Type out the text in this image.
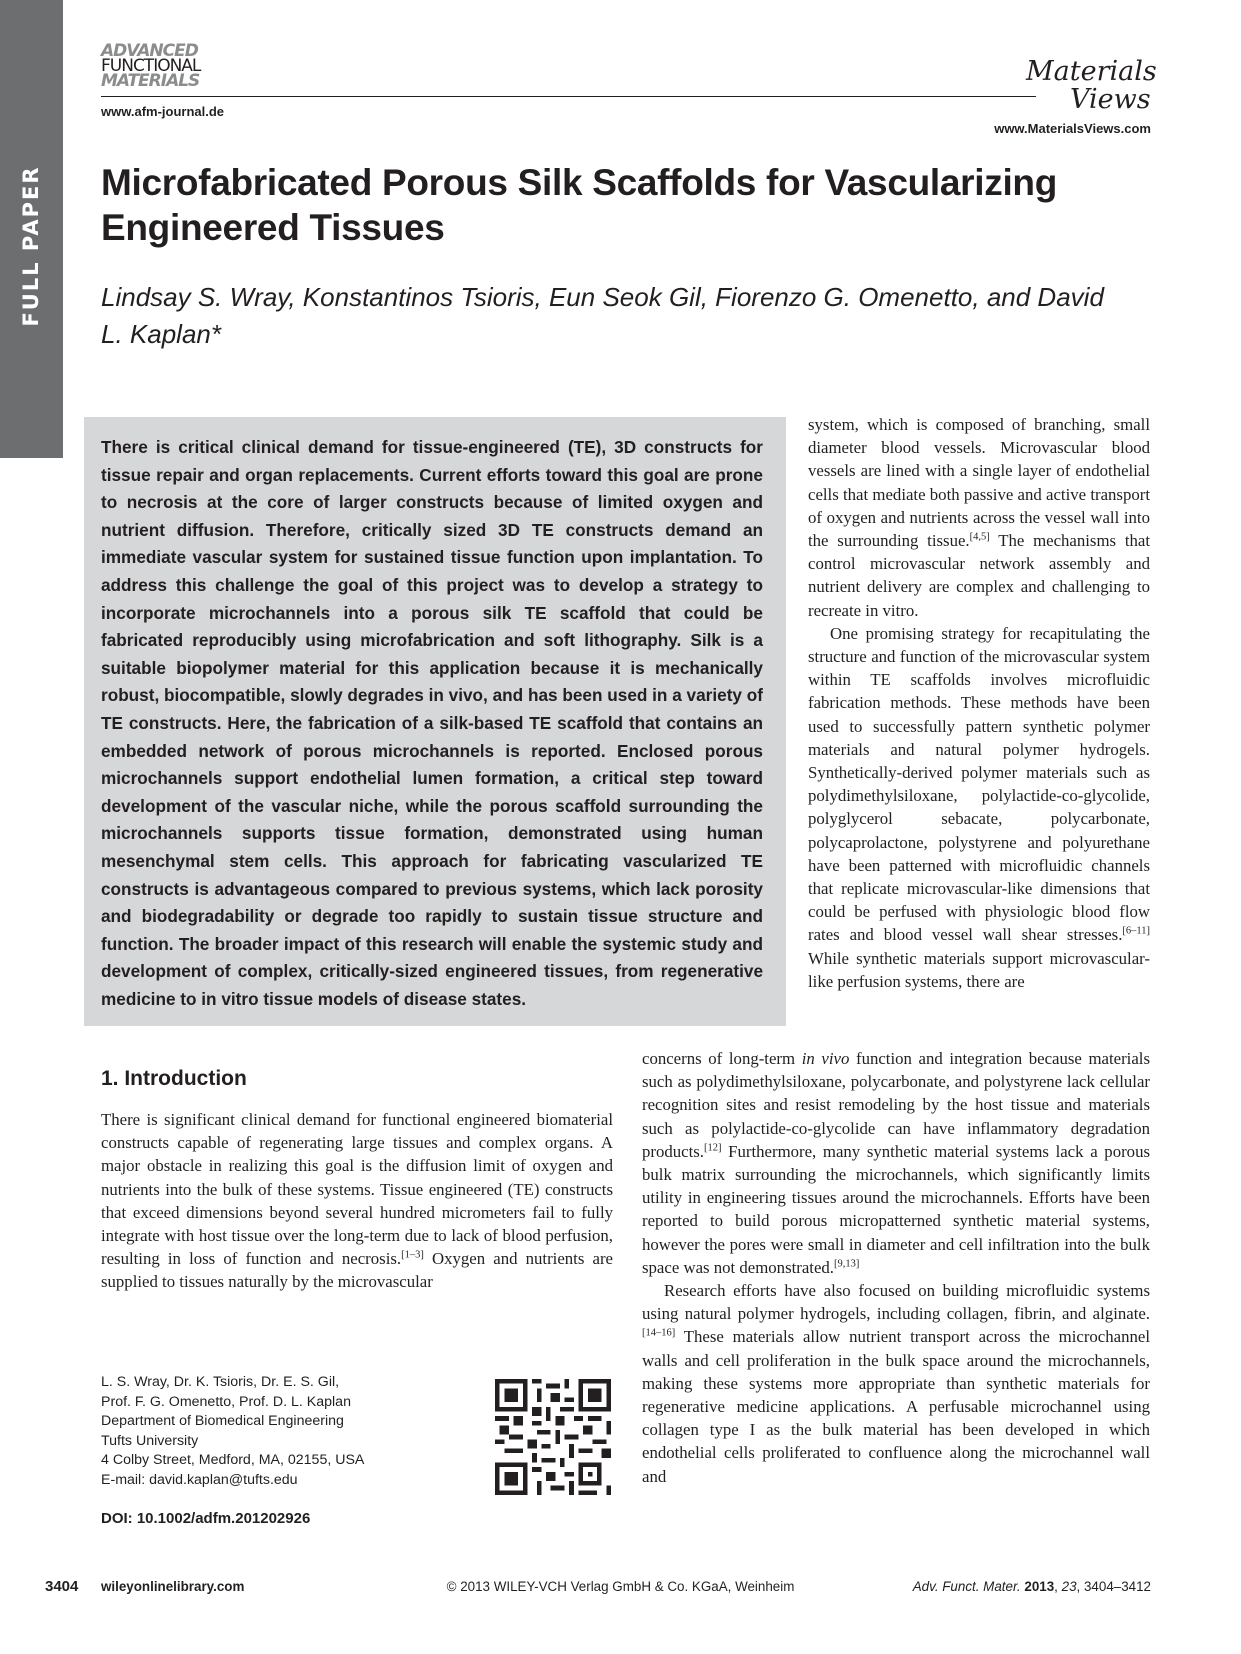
FULL PAPER
ADVANCED
FUNCTIONAL
MATERIALS
www.afm-journal.de
Materials
Views
www.MaterialsViews.com
Microfabricated Porous Silk Scaffolds for Vascularizing Engineered Tissues
Lindsay S. Wray, Konstantinos Tsioris, Eun Seok Gil, Fiorenzo G. Omenetto, and David L. Kaplan*
There is critical clinical demand for tissue-engineered (TE), 3D constructs for tissue repair and organ replacements. Current efforts toward this goal are prone to necrosis at the core of larger constructs because of limited oxygen and nutrient diffusion. Therefore, critically sized 3D TE constructs demand an immediate vascular system for sustained tissue function upon implantation. To address this challenge the goal of this project was to develop a strategy to incorporate microchannels into a porous silk TE scaffold that could be fabricated reproducibly using microfabrication and soft lithography. Silk is a suitable biopolymer material for this application because it is mechanically robust, biocompatible, slowly degrades in vivo, and has been used in a variety of TE constructs. Here, the fabrication of a silk-based TE scaffold that contains an embedded network of porous microchannels is reported. Enclosed porous microchannels support endothelial lumen formation, a critical step toward development of the vascular niche, while the porous scaffold surrounding the microchannels supports tissue formation, demonstrated using human mesenchymal stem cells. This approach for fabricating vascularized TE constructs is advantageous compared to previous systems, which lack porosity and biodegradability or degrade too rapidly to sustain tissue structure and function. The broader impact of this research will enable the systemic study and development of complex, critically-sized engineered tissues, from regenerative medicine to in vitro tissue models of disease states.

system, which is composed of branching, small diameter blood vessels. Microvascular blood vessels are lined with a single layer of endothelial cells that mediate both passive and active transport of oxygen and nutrients across the vessel wall into the surrounding tissue.[4,5] The mechanisms that control microvascular network assembly and nutrient delivery are complex and challenging to recreate in vitro.

One promising strategy for recapitulating the structure and function of the microvascular system within TE scaffolds involves microfluidic fabrication methods. These methods have been used to successfully pattern synthetic polymer materials and natural polymer hydrogels. Synthetically-derived polymer materials such as polydimethylsiloxane, polylactide-co-glycolide, polyglycerol sebacate, polycarbonate, polycaprolactone, polystyrene and polyurethane have been patterned with microfluidic channels that replicate microvascular-like dimensions that could be perfused with physiologic blood flow rates and blood vessel wall shear stresses.[6–11] While synthetic materials support microvascular-like perfusion systems, there are

concerns of long-term in vivo function and integration because materials such as polydimethylsiloxane, polycarbonate, and polystyrene lack cellular recognition sites and resist remodeling by the host tissue and materials such as polylactide-co-glycolide can have inflammatory degradation products.[12] Furthermore, many synthetic material systems lack a porous bulk matrix surrounding the microchannels, which significantly limits utility in engineering tissues around the microchannels. Efforts have been reported to build porous micropatterned synthetic material systems, however the pores were small in diameter and cell infiltration into the bulk space was not demonstrated.[9,13]

Research efforts have also focused on building microfluidic systems using natural polymer hydrogels, including collagen, fibrin, and alginate.[14–16] These materials allow nutrient transport across the microchannel walls and cell proliferation in the bulk space around the microchannels, making these systems more appropriate than synthetic materials for regenerative medicine applications. A perfusable microchannel using collagen type I as the bulk material has been developed in which endothelial cells proliferated to confluence along the microchannel wall and

1. Introduction

There is significant clinical demand for functional engineered biomaterial constructs capable of regenerating large tissues and complex organs. A major obstacle in realizing this goal is the diffusion limit of oxygen and nutrients into the bulk of these systems. Tissue engineered (TE) constructs that exceed dimensions beyond several hundred micrometers fail to fully integrate with host tissue over the long-term due to lack of blood perfusion, resulting in loss of function and necrosis.[1–3] Oxygen and nutrients are supplied to tissues naturally by the microvascular

L. S. Wray, Dr. K. Tsioris, Dr. E. S. Gil,
Prof. F. G. Omenetto, Prof. D. L. Kaplan
Department of Biomedical Engineering
Tufts University
4 Colby Street, Medford, MA, 02155, USA
E-mail: david.kaplan@tufts.edu
DOI: 10.1002/adfm.201202926
3404 wileyonlinelibrary.com	© 2013 WILEY-VCH Verlag GmbH & Co. KGaA, Weinheim	Adv. Funct. Mater. 2013, 23, 3404–3412
